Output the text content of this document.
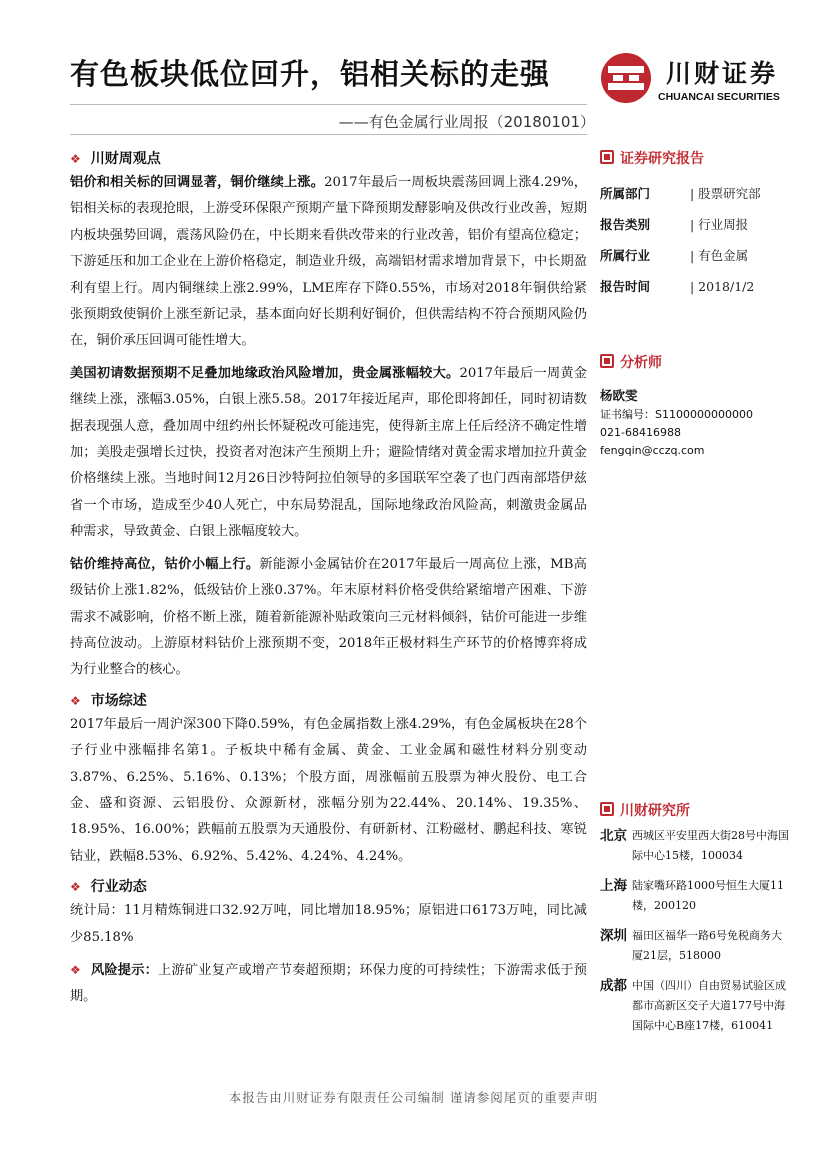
有色板块低位回升，铝相关标的走强
——有色金属行业周报（20180101）
川财证券
CHUANCAI SECURITIES
❖ 川财周观点

铝价和相关标的回调显著，铜价继续上涨。2017年最后一周板块震荡回调上涨4.29%，铝相关标的表现抢眼，上游受环保限产预期产量下降预期发酵影响及供改行业改善，短期内板块强势回调，震荡风险仍在，中长期来看供改带来的行业改善，铝价有望高位稳定；下游延压和加工企业在上游价格稳定，制造业升级，高端铝材需求增加背景下，中长期盈利有望上行。周内铜继续上涨2.99%，LME库存下降0.55%，市场对2018年铜供给紧张预期致使铜价上涨至新记录，基本面向好长期利好铜价，但供需结构不符合预期风险仍在，铜价承压回调可能性增大。

美国初请数据预期不足叠加地缘政治风险增加，贵金属涨幅较大。2017年最后一周黄金继续上涨，涨幅3.05%，白银上涨5.58。2017年接近尾声，耶伦即将卸任，同时初请数据表现强人意，叠加周中纽约州长怀疑税改可能违宪，使得新主席上任后经济不确定性增加；美股走强增长过快，投资者对泡沫产生预期上升；避险情绪对黄金需求增加拉升黄金价格继续上涨。当地时间12月26日沙特阿拉伯领导的多国联军空袭了也门西南部塔伊兹省一个市场，造成至少40人死亡，中东局势混乱，国际地缘政治风险高，刺激贵金属品种需求，导致黄金、白银上涨幅度较大。

钴价维持高位，钴价小幅上行。新能源小金属钴价在2017年最后一周高位上涨，MB高级钴价上涨1.82%，低级钴价上涨0.37%。年末原材料价格受供给紧缩增产困难、下游需求不减影响，价格不断上涨，随着新能源补贴政策向三元材料倾斜，钴价可能进一步维持高位波动。上游原材料钴价上涨预期不变，2018年正极材料生产环节的价格博弈将成为行业整合的核心。

❖ 市场综述

2017年最后一周沪深300下降0.59%，有色金属指数上涨4.29%，有色金属板块在28个子行业中涨幅排名第1。子板块中稀有金属、黄金、工业金属和磁性材料分别变动3.87%、6.25%、5.16%、0.13%；个股方面，周涨幅前五股票为神火股份、电工合金、盛和资源、云铝股份、众源新材，涨幅分别为22.44%、20.14%、19.35%、18.95%、16.00%；跌幅前五股票为天通股份、有研新材、江粉磁材、鹏起科技、寒锐钴业，跌幅8.53%、6.92%、5.42%、4.24%、4.24%。

❖ 行业动态

统计局：11月精炼铜进口32.92万吨，同比增加18.95%；原铝进口6173万吨，同比减少85.18%

❖ 风险提示：上游矿业复产或增产节奏超预期；环保力度的可持续性；下游需求低于预期。

证券研究报告
所属部门	| 股票研究部
报告类别	| 行业周报
所属行业	| 有色金属
报告时间	| 2018/1/2
分析师
杨欧雯
证书编号：S1100000000000
021-68416988
fengqin@cczq.com
川财研究所
北京 西城区平安里西大街28号中海国际中心15楼，100034
上海 陆家嘴环路1000号恒生大厦11楼，200120
深圳 福田区福华一路6号免税商务大厦21层，518000
成都 中国（四川）自由贸易试验区成都市高新区交子大道177号中海国际中心B座17楼，610041
本报告由川财证券有限责任公司编制 谨请参阅尾页的重要声明
